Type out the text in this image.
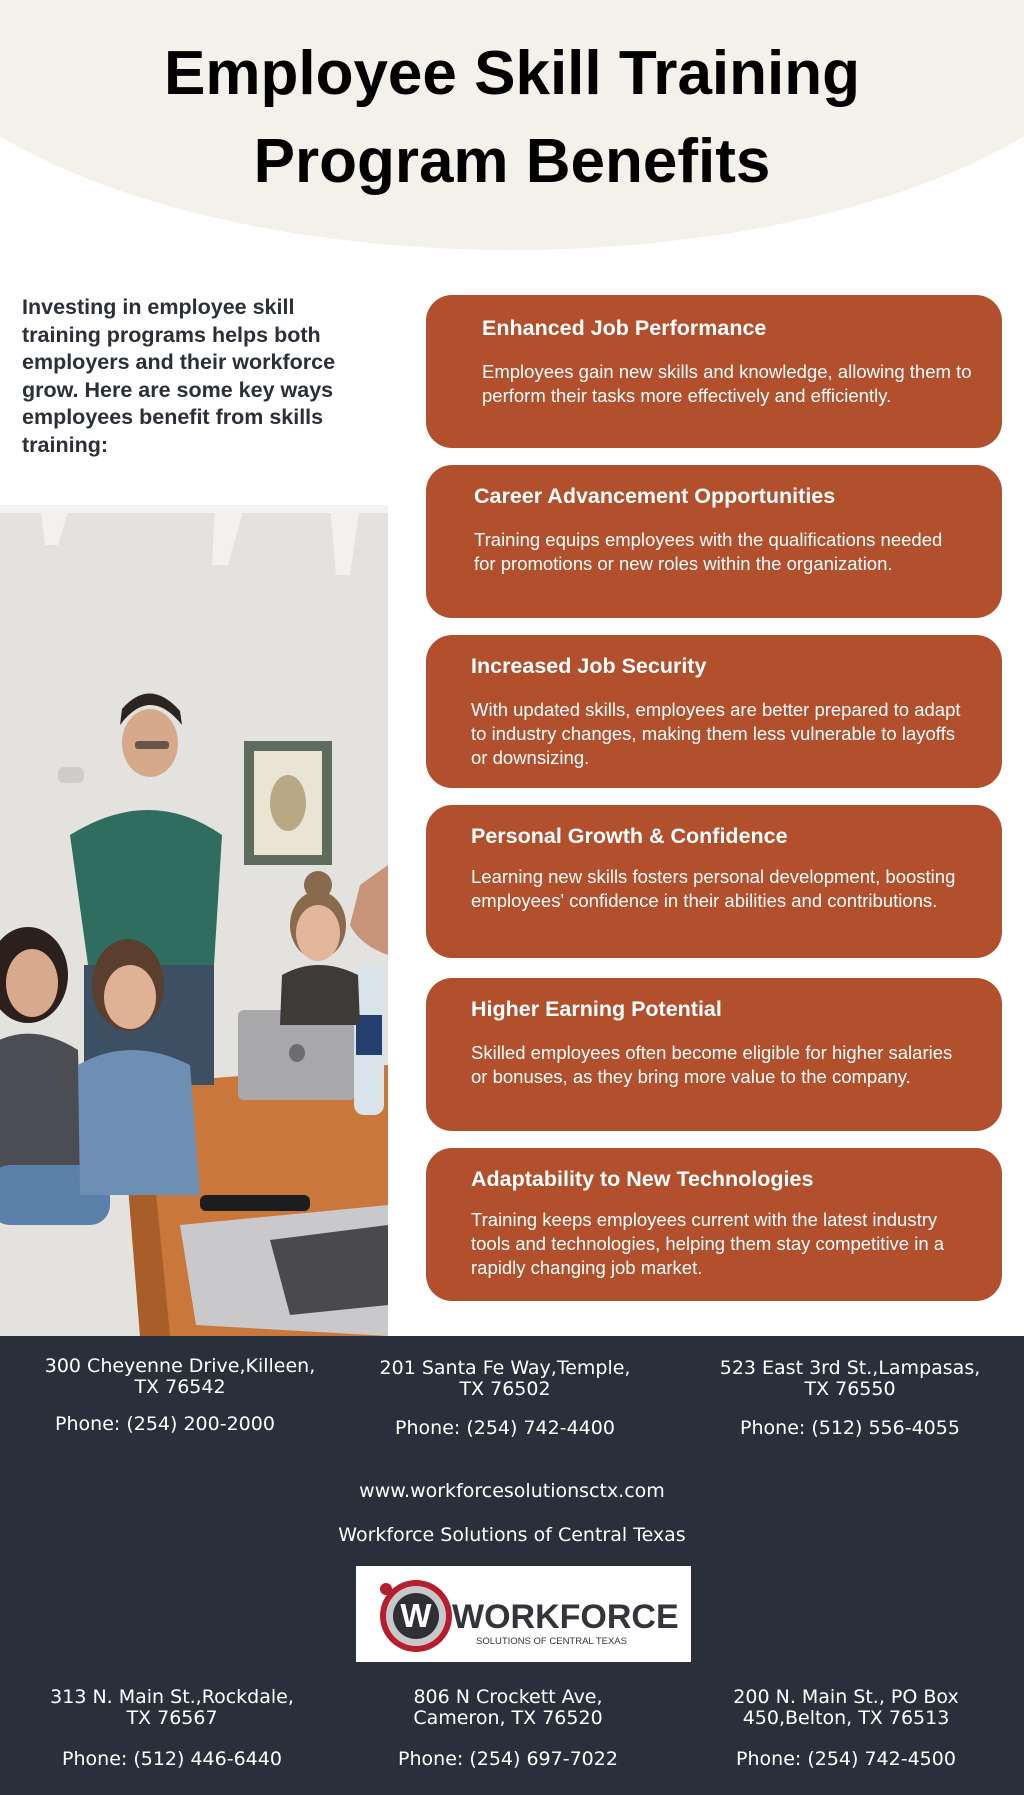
Employee Skill Training
Program Benefits

Investing in employee skill training programs helps both employers and their workforce grow. Here are some key ways employees benefit from skills training:

Enhanced Job Performance
Employees gain new skills and knowledge, allowing them to perform their tasks more effectively and efficiently.
Career Advancement Opportunities
Training equips employees with the qualifications needed for promotions or new roles within the organization.
Increased Job Security
With updated skills, employees are better prepared to adapt to industry changes, making them less vulnerable to layoffs or downsizing.
Personal Growth & Confidence
Learning new skills fosters personal development, boosting employees' confidence in their abilities and contributions.
Higher Earning Potential
Skilled employees often become eligible for higher salaries or bonuses, as they bring more value to the company.
Adaptability to New Technologies
Training keeps employees current with the latest industry tools and technologies, helping them stay competitive in a rapidly changing job market.
300 Cheyenne Drive,Killeen,
TX 76542
Phone: (254) 200-2000
201 Santa Fe Way,Temple,
TX 76502
Phone: (254) 742-4400
523 East 3rd St.,Lampasas,
TX 76550
Phone: (512) 556-4055
www.workforcesolutionsctx.com
Workforce Solutions of Central Texas
W WORKFORCE
SOLUTIONS OF CENTRAL TEXAS
313 N. Main St.,Rockdale,
TX 76567
Phone: (512) 446-6440
806 N Crockett Ave,
Cameron, TX 76520
Phone: (254) 697-7022
200 N. Main St., PO Box
450,Belton, TX 76513
Phone: (254) 742-4500
